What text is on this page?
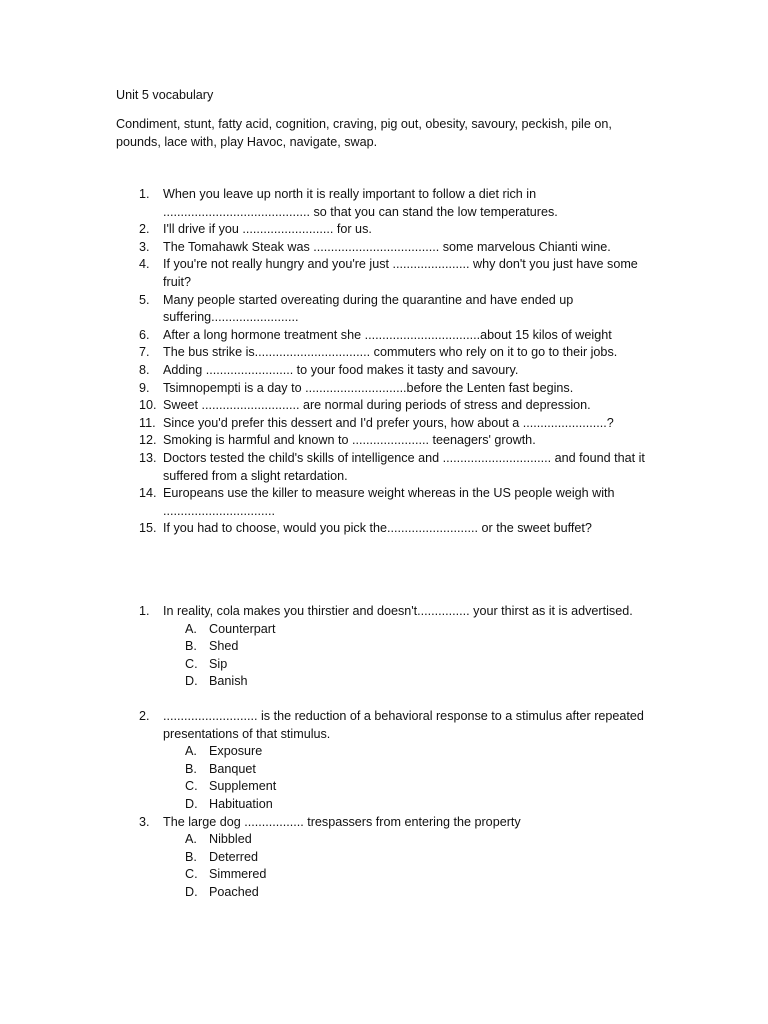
Unit 5 vocabulary
Condiment, stunt, fatty acid, cognition, craving, pig out, obesity, savoury, peckish, pile on, pounds, lace with, play Havoc, navigate, swap.
1. When you leave up north it is really important to follow a diet rich in .......................................... so that you can stand the low temperatures.
2. I'll drive if you .......................... for us.
3. The Tomahawk Steak was .................................... some marvelous Chianti wine.
4. If you're not really hungry and you're just ...................... why don't you just have some fruit?
5. Many people started overeating during the quarantine and have ended up suffering.........................
6. After a long hormone treatment she .................................about 15 kilos of weight
7. The bus strike is................................. commuters who rely on it to go to their jobs.
8. Adding ......................... to your food makes it tasty and savoury.
9. Tsimnopempti is a day to .............................before the Lenten fast begins.
10. Sweet ............................ are normal during periods of stress and depression.
11. Since you'd prefer this dessert and I'd prefer yours, how about a ........................?
12. Smoking is harmful and known to ...................... teenagers' growth.
13. Doctors tested the child's skills of intelligence and ............................... and found that it suffered from a slight retardation.
14. Europeans use the killer to measure weight whereas in the US people weigh with ................................
15. If you had to choose, would you pick the.......................... or the sweet buffet?
1. In reality, cola makes you thirstier and doesn't............... your thirst as it is advertised.
A. Counterpart
B. Shed
C. Sip
D. Banish
2. ........................... is the reduction of a behavioral response to a stimulus after repeated presentations of that stimulus.
A. Exposure
B. Banquet
C. Supplement
D. Habituation
3. The large dog ................. trespassers from entering the property
A. Nibbled
B. Deterred
C. Simmered
D. Poached
